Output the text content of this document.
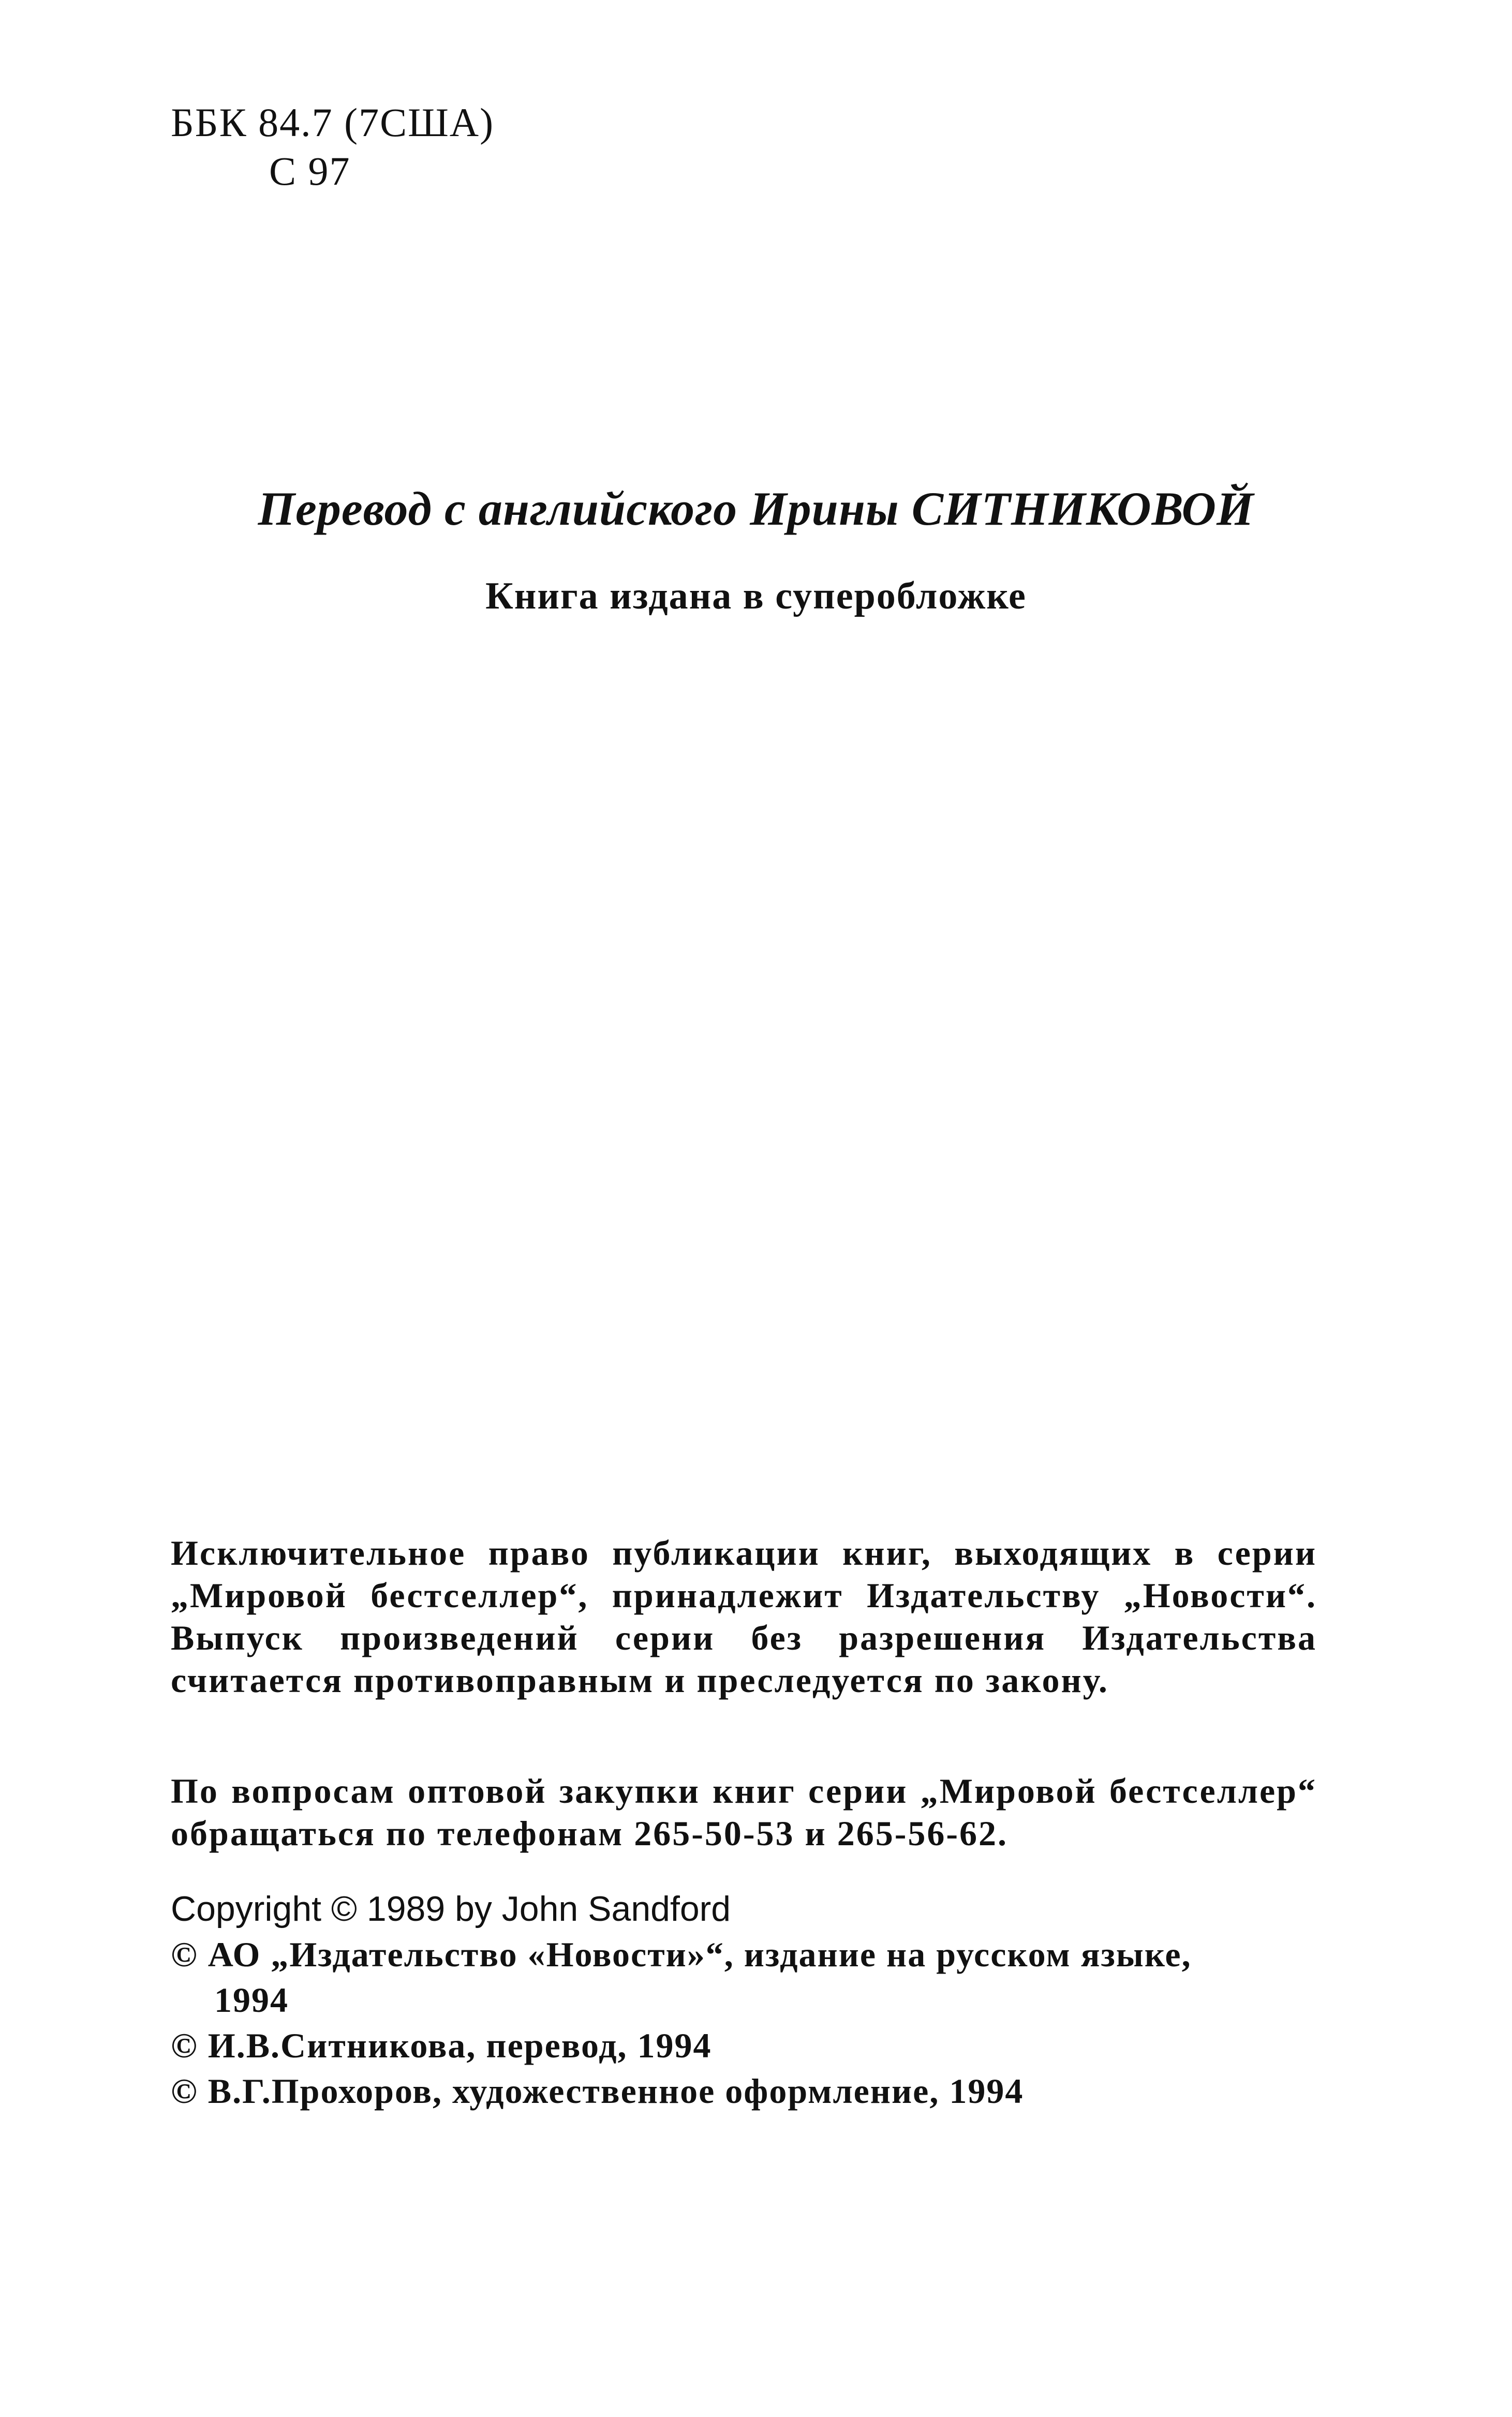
ББК 84.7 (7США)
С 97
Перевод с английского Ирины СИТНИКОВОЙ
Книга издана в суперобложке
Исключительное право публикации книг, выходящих в серии „Мировой бестселлер“, принадлежит Издательству „Новости“. Выпуск произведений серии без разрешения Издательства считается противоправным и преследуется по закону.
По вопросам оптовой закупки книг серии „Мировой бестселлер“ обращаться по телефонам 265-50-53 и 265-56-62.
Copyright © 1989 by John Sandford
© АО „Издательство «Новости»“, издание на русском языке,
1994
© И.В.Ситникова, перевод, 1994
© В.Г.Прохоров, художественное оформление, 1994
